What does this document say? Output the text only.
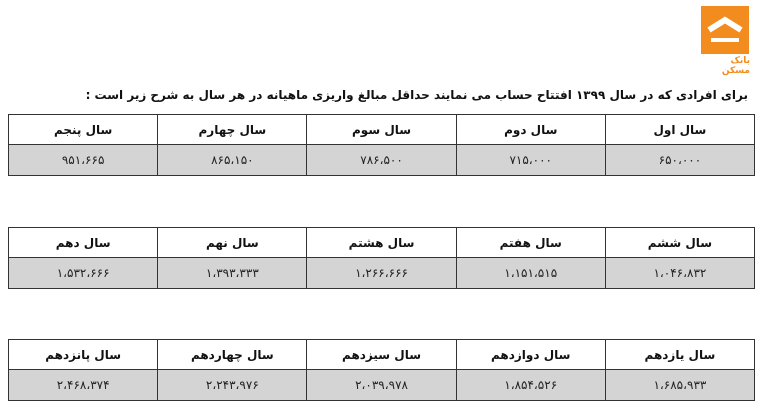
بانک مسکن
برای افرادی که در سال ۱۳۹۹ افتتاح حساب می نمایند حداقل مبالغ واریزی ماهیانه در هر سال به شرح زیر است :
سال اول	سال دوم	سال سوم	سال چهارم	سال پنجم
۶۵۰،۰۰۰	۷۱۵،۰۰۰	۷۸۶،۵۰۰	۸۶۵،۱۵۰	۹۵۱،۶۶۵
سال ششم	سال هفتم	سال هشتم	سال نهم	سال دهم
۱،۰۴۶،۸۳۲	۱،۱۵۱،۵۱۵	۱،۲۶۶،۶۶۶	۱،۳۹۳،۳۳۳	۱،۵۳۲،۶۶۶
سال یازدهم	سال دوازدهم	سال سیزدهم	سال چهاردهم	سال پانزدهم
۱،۶۸۵،۹۳۳	۱،۸۵۴،۵۲۶	۲،۰۳۹،۹۷۸	۲،۲۴۳،۹۷۶	۲،۴۶۸،۳۷۴
